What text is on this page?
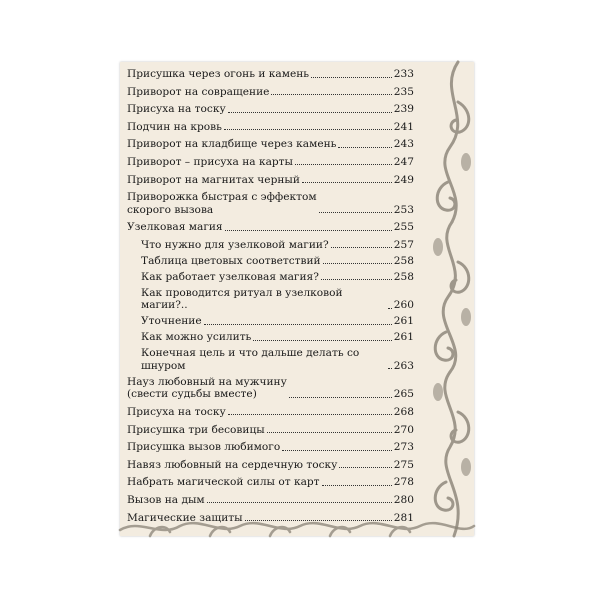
Присушка через огонь и камень	233
Приворот на совращение	235
Присуха на тоску	239
Подчин на кровь	241
Приворот на кладбище через камень	243
Приворот – присуха на карты	247
Приворот на магнитах черный	249
Приворожка быстрая с эффектом
скорого вызова	253
Узелковая магия	255
Что нужно для узелковой магии?	257
Таблица цветовых соответствий	258
Как работает узелковая магия?	258
Как проводится ритуал в узелковой магии?..	260
Уточнение	261
Как можно усилить	261
Конечная цель и что дальше делать со шнуром	263
Науз любовный на мужчину
(свести судьбы вместе)	265
Присуха на тоску	268
Присушка три бесовицы	270
Присушка вызов любимого	273
Навяз любовный на сердечную тоску	275
Набрать магической силы от карт	278
Вызов на дым	280
Магические защиты	281
www.kustarr.com.ua/user-2063271.html
